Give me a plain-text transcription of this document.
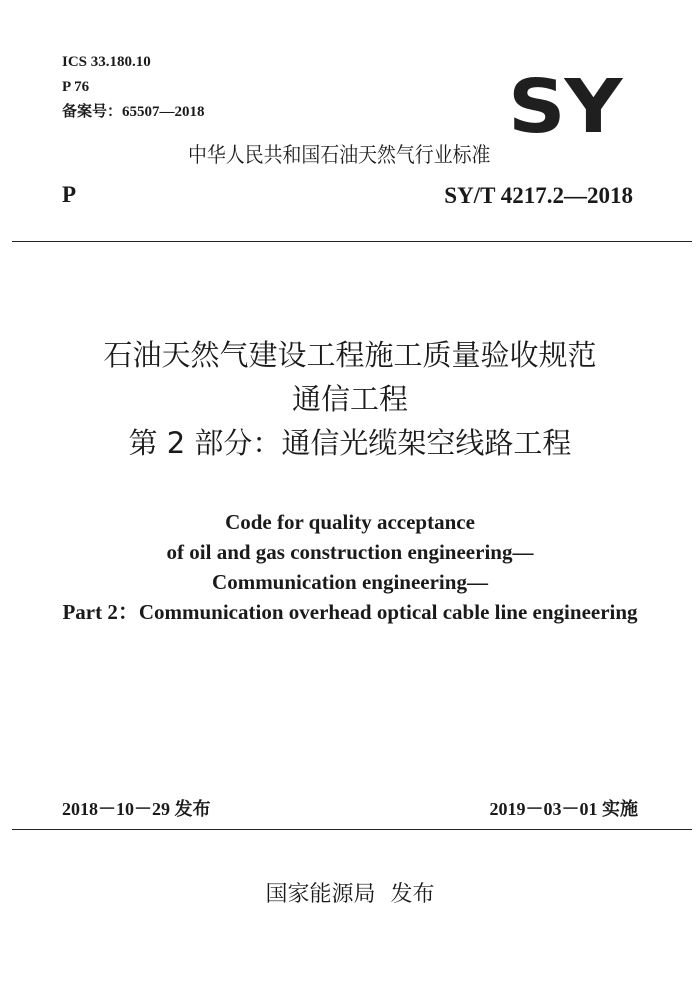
ICS 33.180.10
P 76
备案号：65507—2018	SY
中华人民共和国石油天然气行业标准
P	SY/T 4217.2—2018
石油天然气建设工程施工质量验收规范
通信工程
第 2 部分：通信光缆架空线路工程
Code for quality acceptance
of oil and gas construction engineering—
Communication engineering—
Part 2：Communication overhead optical cable line engineering
2018－10－29 发布	2019－03－01 实施
国家能源局 发布
